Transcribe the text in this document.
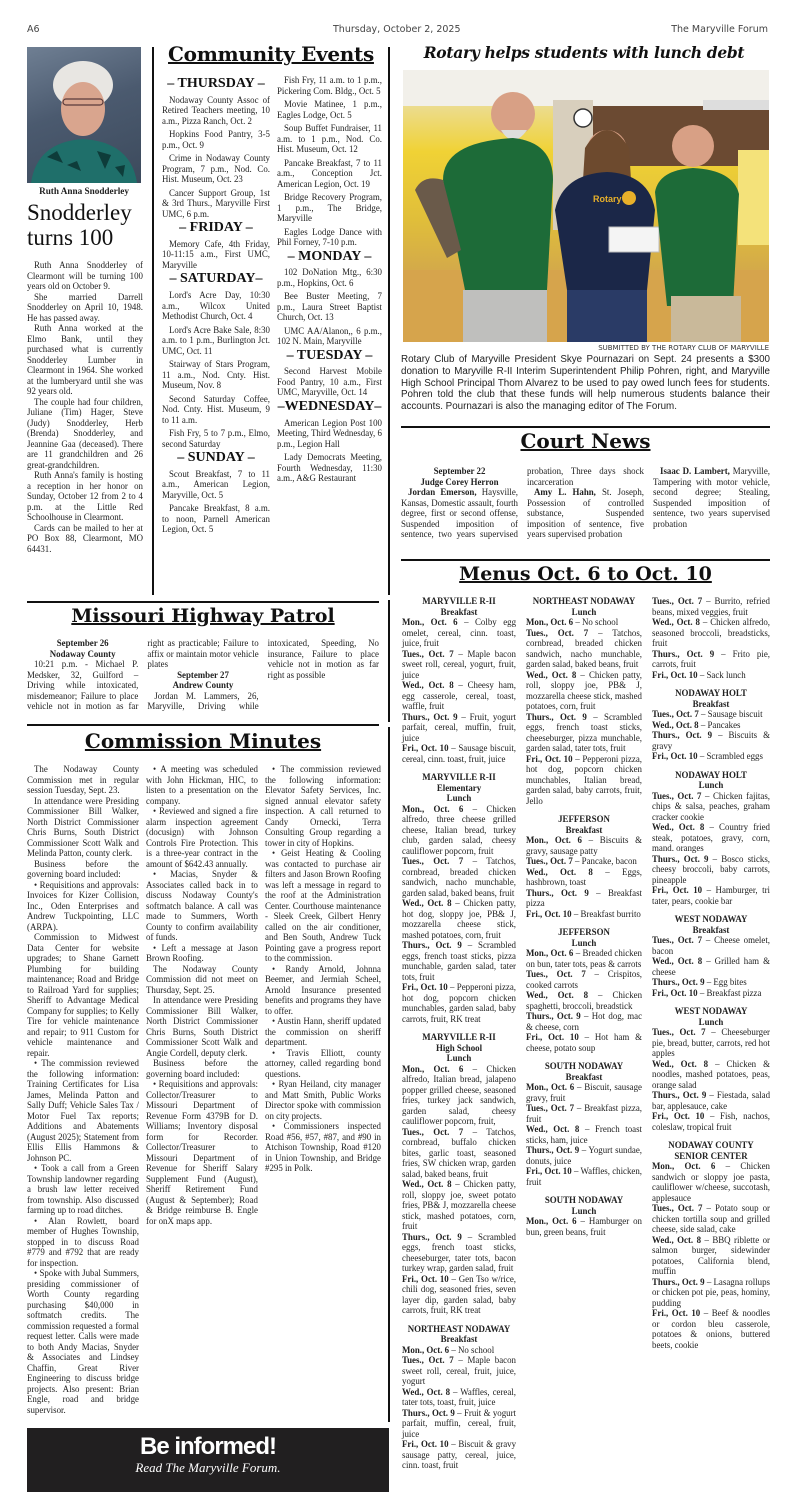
A6	Thursday, October 2, 2025	The Maryville Forum
Ruth Anna Snodderley
Snodderley turns 100

Ruth Anna Snodderley of Clearmont will be turning 100 years old on October 9.

She married Darrell Snodderley on April 10, 1948. He has passed away.

Ruth Anna worked at the Elmo Bank, until they purchased what is currently Snodderley Lumber in Clearmont in 1964. She worked at the lumberyard until she was 92 years old.

The couple had four children, Juliane (Tim) Hager, Steve (Judy) Snodderley, Herb (Brenda) Snodderley, and Jeannine Gaa (deceased). There are 11 grandchildren and 26 great-grandchildren.

Ruth Anna's family is hosting a reception in her honor on Sunday, October 12 from 2 to 4 p.m. at the Little Red Schoolhouse in Clearmont.

Cards can be mailed to her at PO Box 88, Clearmont, MO 64431.

Community Events
– THURSDAY –

Nodaway County Assoc of Retired Teachers meeting, 10 a.m., Pizza Ranch, Oct. 2

Hopkins Food Pantry, 3-5 p.m., Oct. 9

Crime in Nodaway County Program, 7 p.m., Nod. Co. Hist. Museum, Oct. 23

Cancer Support Group, 1st & 3rd Thurs., Maryville First UMC, 6 p.m.

– FRIDAY –

Memory Cafe, 4th Friday, 10-11:15 a.m., First UMC, Maryville

– SATURDAY–

Lord's Acre Day, 10:30 a.m., Wilcox United Methodist Church, Oct. 4

Lord's Acre Bake Sale, 8:30 a.m. to 1 p.m., Burlington Jct. UMC, Oct. 11

Stairway of Stars Program, 11 a.m., Nod. Cnty. Hist. Museum, Nov. 8

Second Saturday Coffee, Nod. Cnty. Hist. Museum, 9 to 11 a.m.

Fish Fry, 5 to 7 p.m., Elmo, second Saturday

– SUNDAY –

Scout Breakfast, 7 to 11 a.m., American Legion, Maryville, Oct. 5

Pancake Breakfast, 8 a.m. to noon, Parnell American Legion, Oct. 5

Fish Fry, 11 a.m. to 1 p.m., Pickering Com. Bldg., Oct. 5

Movie Matinee, 1 p.m., Eagles Lodge, Oct. 5

Soup Buffet Fundraiser, 11 a.m. to 1 p.m., Nod. Co. Hist. Museum, Oct. 12

Pancake Breakfast, 7 to 11 a.m., Conception Jct. American Legion, Oct. 19

Bridge Recovery Program, 1 p.m., The Bridge, Maryville

Eagles Lodge Dance with Phil Forney, 7-10 p.m.

– MONDAY –

102 DoNation Mtg., 6:30 p.m., Hopkins, Oct. 6

Bee Buster Meeting, 7 p.m., Laura Street Baptist Church, Oct. 13

UMC AA/Alanon,, 6 p.m., 102 N. Main, Maryville

– TUESDAY –

Second Harvest Mobile Food Pantry, 10 a.m., First UMC, Maryville, Oct. 14

–WEDNESDAY–

American Legion Post 100 Meeting, Third Wednesday, 6 p.m., Legion Hall

Lady Democrats Meeting, Fourth Wednesday, 11:30 a.m., A&G Restaurant

Rotary helps students with lunch debt
Rotary
SUBMITTED BY THE ROTARY CLUB OF MARYVILLE
Rotary Club of Maryville President Skye Pournazari on Sept. 24 presents a $300 donation to Maryville R-II Interim Superintendent Philip Pohren, right, and Maryville High School Principal Thom Alvarez to be used to pay owed lunch fees for students. Pohren told the club that these funds will help numerous students balance their accounts. Pournazari is also the managing editor of The Forum.
Court News
September 22
Judge Corey Herron

Jordan Emerson, Haysville, Kansas, Domestic assault, fourth degree, first or second offense, Suspended imposition of sentence, two years supervised probation, Three days shock incarceration

Amy L. Hahn, St. Joseph, Possession of controlled substance, Suspended imposition of sentence, five years supervised probation

Isaac D. Lambert, Maryville, Tampering with motor vehicle, second degree; Stealing, Suspended imposition of sentence, two years supervised probation

Menus Oct. 6 to Oct. 10
MARYVILLE R-II
Breakfast
Mon., Oct. 6 – Colby egg omelet, cereal, cinn. toast, juice, fruit
Tues., Oct. 7 – Maple bacon sweet roll, cereal, yogurt, fruit, juice
Wed., Oct. 8 – Cheesy ham, egg casserole, cereal, toast, waffle, fruit
Thurs., Oct. 9 – Fruit, yogurt parfait, cereal, muffin, fruit, juice
Fri., Oct. 10 – Sausage biscuit, cereal, cinn. toast, fruit, juice
MARYVILLE R-II
Elementary
Lunch
Mon., Oct. 6 – Chicken alfredo, three cheese grilled cheese, Italian bread, turkey club, garden salad, cheesy cauliflower popcorn, fruit
Tues., Oct. 7 – Tatchos, cornbread, breaded chicken sandwich, nacho munchable, garden salad, baked beans, fruit
Wed., Oct. 8 – Chicken patty, hot dog, sloppy joe, PB& J, mozzarella cheese stick, mashed potatoes, corn, fruit
Thurs., Oct. 9 – Scrambled eggs, french toast sticks, pizza munchable, garden salad, tater tots, fruit
Fri., Oct. 10 – Pepperoni pizza, hot dog, popcorn chicken munchables, garden salad, baby carrots, fruit, RK treat
MARYVILLE R-II
High School
Lunch
Mon., Oct. 6 – Chicken alfredo, Italian bread, jalapeno popper grilled cheese, seasoned fries, turkey jack sandwich, garden salad, cheesy cauliflower popcorn, fruit,
Tues., Oct. 7 – Tatchos, cornbread, buffalo chicken bites, garlic toast, seasoned fries, SW chicken wrap, garden salad, baked beans, fruit
Wed., Oct. 8 – Chicken patty, roll, sloppy joe, sweet potato fries, PB& J, mozzarella cheese stick, mashed potatoes, corn, fruit
Thurs., Oct. 9 – Scrambled eggs, french toast sticks, cheeseburger, tater tots, bacon turkey wrap, garden salad, fruit
Fri., Oct. 10 – Gen Tso w/rice, chili dog, seasoned fries, seven layer dip, garden salad, baby carrots, fruit, RK treat
NORTHEAST NODAWAY
Breakfast
Mon., Oct. 6 – No school
Tues., Oct. 7 – Maple bacon sweet roll, cereal, fruit, juice, yogurt
Wed., Oct. 8 – Waffles, cereal, tater tots, toast, fruit, juice
Thurs., Oct. 9 – Fruit & yogurt parfait, muffin, cereal, fruit, juice
Fri., Oct. 10 – Biscuit & gravy sausage patty, cereal, juice, cinn. toast, fruit
NORTHEAST NODAWAY
Lunch
Mon., Oct. 6 – No school
Tues., Oct. 7 – Tatchos, cornbread, breaded chicken sandwich, nacho munchable, garden salad, baked beans, fruit
Wed., Oct. 8 – Chicken patty, roll, sloppy joe, PB& J, mozzarella cheese stick, mashed potatoes, corn, fruit
Thurs., Oct. 9 – Scrambled eggs, french toast sticks, cheeseburger, pizza munchable, garden salad, tater tots, fruit
Fri., Oct. 10 – Pepperoni pizza, hot dog, popcorn chicken munchables, Italian bread, garden salad, baby carrots, fruit, Jello
JEFFERSON
Breakfast
Mon., Oct. 6 – Biscuits & gravy, sausage patty
Tues., Oct. 7 – Pancake, bacon
Wed., Oct. 8 – Eggs, hashbrown, toast
Thurs., Oct. 9 – Breakfast pizza
Fri., Oct. 10 – Breakfast burrito
JEFFERSON
Lunch
Mon., Oct. 6 – Breaded chicken on bun, tater tots, peas & carrots
Tues., Oct. 7 – Crispitos, cooked carrots
Wed., Oct. 8 – Chicken spaghetti, broccoli, breadstick
Thurs., Oct. 9 – Hot dog, mac & cheese, corn
Fri., Oct. 10 – Hot ham & cheese, potato soup
SOUTH NODAWAY
Breakfast
Mon., Oct. 6 – Biscuit, sausage gravy, fruit
Tues., Oct. 7 – Breakfast pizza, fruit
Wed., Oct. 8 – French toast sticks, ham, juice
Thurs., Oct. 9 – Yogurt sundae, donuts, juice
Fri., Oct. 10 – Waffles, chicken, fruit
SOUTH NODAWAY
Lunch
Mon., Oct. 6 – Hamburger on bun, green beans, fruit
Tues., Oct. 7 – Burrito, refried beans, mixed veggies, fruit
Wed., Oct. 8 – Chicken alfredo, seasoned broccoli, breadsticks, fruit
Thurs., Oct. 9 – Frito pie, carrots, fruit
Fri., Oct. 10 – Sack lunch
NODAWAY HOLT
Breakfast
Tues., Oct. 7 – Sausage biscuit
Wed., Oct. 8 – Pancakes
Thurs., Oct. 9 – Biscuits & gravy
Fri., Oct. 10 – Scrambled eggs
NODAWAY HOLT
Lunch
Tues., Oct. 7 – Chicken fajitas, chips & salsa, peaches, graham cracker cookie
Wed., Oct. 8 – Country fried steak, potatoes, gravy, corn, mand. oranges
Thurs., Oct. 9 – Bosco sticks, cheesy broccoli, baby carrots, pineapple
Fri., Oct. 10 – Hamburger, tri tater, pears, cookie bar
WEST NODAWAY
Breakfast
Tues., Oct. 7 – Cheese omelet, bacon
Wed., Oct. 8 – Grilled ham & cheese
Thurs., Oct. 9 – Egg bites
Fri., Oct. 10 – Breakfast pizza
WEST NODAWAY
Lunch
Tues., Oct. 7 – Cheeseburger pie, bread, butter, carrots, red hot apples
Wed., Oct. 8 – Chicken & noodles, mashed potatoes, peas, orange salad
Thurs., Oct. 9 – Fiestada, salad bar, applesauce, cake
Fri., Oct. 10 – Fish, nachos, coleslaw, tropical fruit
NODAWAY COUNTY
SENIOR CENTER
Mon., Oct. 6 – Chicken sandwich or sloppy joe pasta, cauliflower w/cheese, succotash, applesauce
Tues., Oct. 7 – Potato soup or chicken tortilla soup and grilled cheese, side salad, cake
Wed., Oct. 8 – BBQ riblette or salmon burger, sidewinder potatoes, California blend, muffin
Thurs., Oct. 9 – Lasagna rollups or chicken pot pie, peas, hominy, pudding
Fri., Oct. 10 – Beef & noodles or cordon bleu casserole, potatoes & onions, buttered beets, cookie
Missouri Highway Patrol
September 26
Nodaway County

10:21 p.m. - Michael P. Medsker, 32, Guilford – Driving while intoxicated, misdemeanor; Failure to place vehicle not in motion as far right as practicable; Failure to affix or maintain motor vehicle plates

September 27
Andrew County

Jordan M. Lammers, 26, Maryville, Driving while intoxicated, Speeding, No insurance, Failure to place vehicle not in motion as far right as possible

Commission Minutes

The Nodaway County Commission met in regular session Tuesday, Sept. 23.

In attendance were Presiding Commissioner Bill Walker, North District Commissioner Chris Burns, South District Commissioner Scott Walk and Melinda Patton, county clerk.

Business before the governing board included:

• Requisitions and approvals: Invoices for Kizer Collision, Inc., Oden Enterprises and Andrew Tuckpointing, LLC (ARPA).

Commission to Midwest Data Center for website upgrades; to Shane Garnett Plumbing for building maintenance; Road and Bridge to Railroad Yard for supplies; Sheriff to Advantage Medical Company for supplies; to Kelly Tire for vehicle maintenance and repair; to 911 Custom for vehicle maintenance and repair.

• The commission reviewed the following information: Training Certificates for Lisa James, Melinda Patton and Sally Duff; Vehicle Sales Tax / Motor Fuel Tax reports; Additions and Abatements (August 2025); Statement from Ellis Ellis Hammons & Johnson PC.

• Took a call from a Green Township landowner regarding a brush law letter received from township. Also discussed farming up to road ditches.

• Alan Rowlett, board member of Hughes Township, stopped in to discuss Road #779 and #792 that are ready for inspection.

• Spoke with Jubal Summers, presiding commissioner of Worth County regarding purchasing $40,000 in softmatch credits. The commission requested a formal request letter. Calls were made to both Andy Macias, Snyder & Associates and Lindsey Chaffin, Great River Engineering to discuss bridge projects. Also present: Brian Engle, road and bridge supervisor.

• A meeting was scheduled with John Hickman, HIC, to listen to a presentation on the company.

• Reviewed and signed a fire alarm inspection agreement (docusign) with Johnson Controls Fire Protection. This is a three-year contract in the amount of $642.43 annually.

• Macias, Snyder & Associates called back in to discuss Nodaway County's softmatch balance. A call was made to Summers, Worth County to confirm availability of funds.

• Left a message at Jason Brown Roofing.

The Nodaway County Commission did not meet on Thursday, Sept. 25.

In attendance were Presiding Commissioner Bill Walker, North District Commissioner Chris Burns, South District Commissioner Scott Walk and Angie Cordell, deputy clerk.

Business before the governing board included:

• Requisitions and approvals: Collector/Treasurer to Missouri Department of Revenue Form 4379B for D. Williams; Inventory disposal form for Recorder. Collector/Treasurer to Missouri Department of Revenue for Sheriff Salary Supplement Fund (August), Sheriff Retirement Fund (August & September); Road & Bridge reimburse B. Engle for onX maps app.

• The commission reviewed the following information: Elevator Safety Services, Inc. signed annual elevator safety inspection. A call returned to Candy Ornecki, Terra Consulting Group regarding a tower in city of Hopkins.

• Geist Heating & Cooling was contacted to purchase air filters and Jason Brown Roofing was left a message in regard to the roof at the Administration Center. Courthouse maintenance - Sleek Creek, Gilbert Henry called on the air conditioner, and Ben South, Andrew Tuck Pointing gave a progress report to the commission.

• Randy Arnold, Johnna Beemer, and Jermiah Scheel, Arnold Insurance presented benefits and programs they have to offer.

• Austin Hann, sheriff updated the commission on sheriff department.

• Travis Elliott, county attorney, called regarding bond questions.

• Ryan Heiland, city manager and Matt Smith, Public Works Director spoke with commission on city projects.

• Commissioners inspected Road #56, #57, #87, and #90 in Atchison Township, Road #120 in Union Township, and Bridge #295 in Polk.

Be informed!
Read The Maryville Forum.
